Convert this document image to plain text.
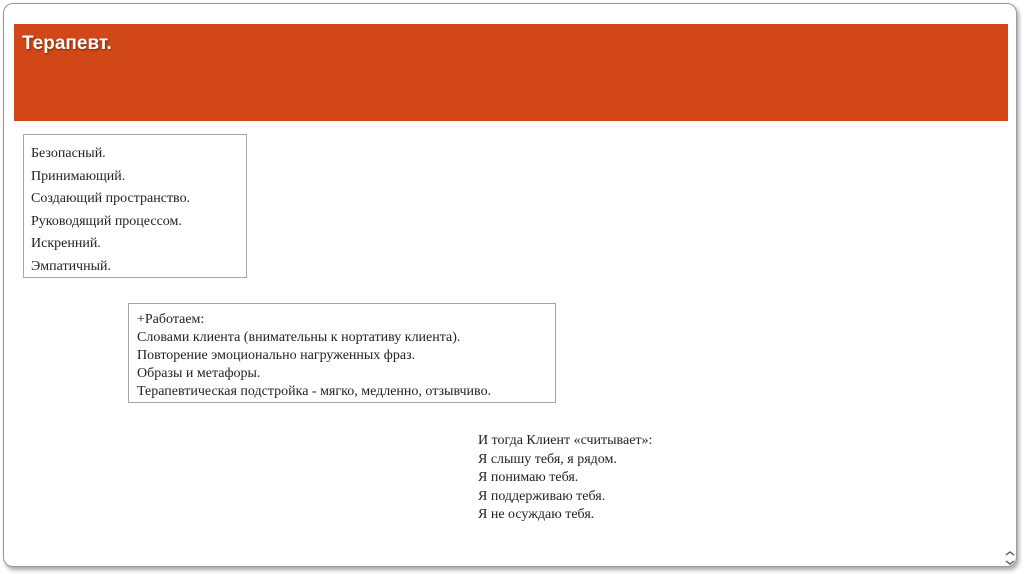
Терапевт.
Безопасный.
Принимающий.
Создающий пространство.
Руководящий процессом.
Искренний.
Эмпатичный.
+Работаем:
Словами клиента (внимательны к нортативу клиента).
Повторение эмоционально нагруженных фраз.
Образы и метафоры.
Терапевтическая подстройка - мягко, медленно, отзывчиво.
И тогда Клиент «считывает»:
Я слышу тебя, я рядом.
Я понимаю тебя.
Я поддерживаю тебя.
Я не осуждаю тебя.
